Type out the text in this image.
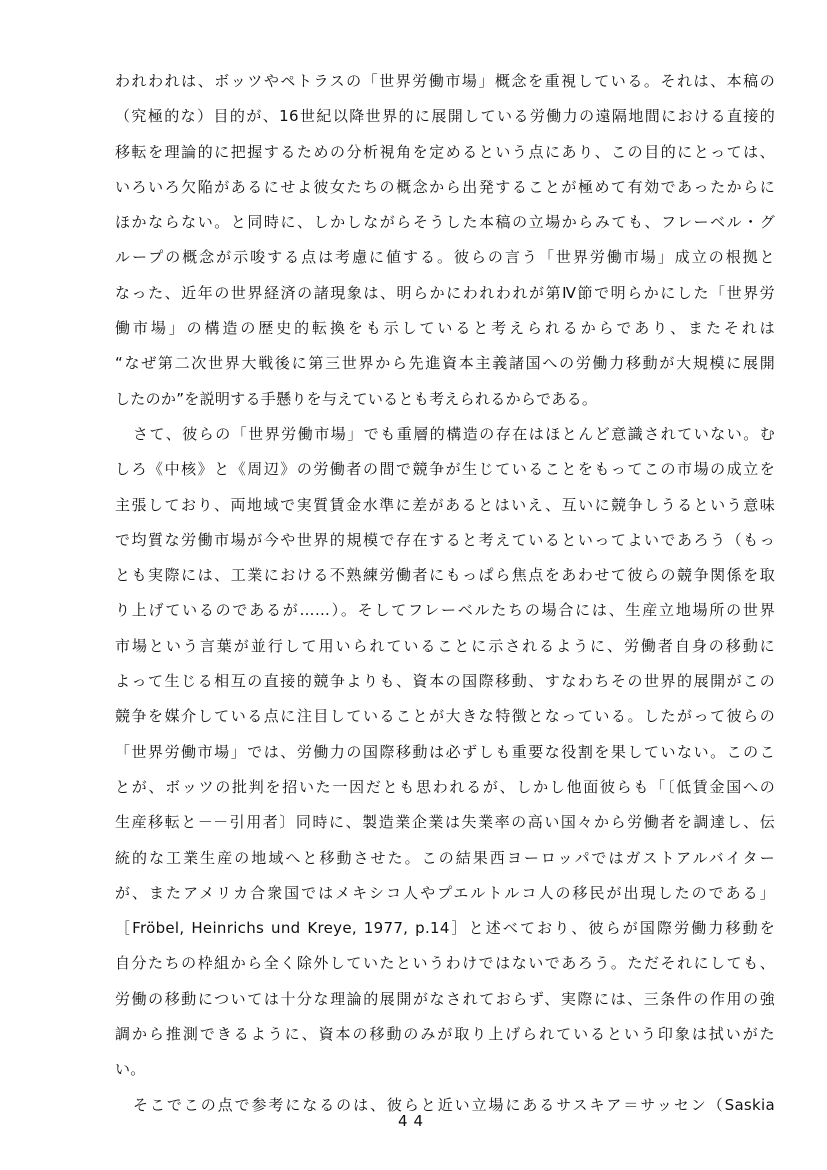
われわれは、ボッツやペトラスの「世界労働市場」概念を重視している。それは、本稿の
（究極的な）目的が、16世紀以降世界的に展開している労働力の遠隔地間における直接的
移転を理論的に把握するための分析視角を定めるという点にあり、この目的にとっては、
いろいろ欠陥があるにせよ彼女たちの概念から出発することが極めて有効であったからに
ほかならない。と同時に、しかしながらそうした本稿の立場からみても、フレーベル・グ
ループの概念が示唆する点は考慮に値する。彼らの言う「世界労働市場」成立の根拠と
なった、近年の世界経済の諸現象は、明らかにわれわれが第Ⅳ節で明らかにした「世界労
働市場」の構造の歴史的転換をも示していると考えられるからであり、またそれは
“なぜ第二次世界大戦後に第三世界から先進資本主義諸国への労働力移動が大規模に展開
したのか”を説明する手懸りを与えているとも考えられるからである。
さて、彼らの「世界労働市場」でも重層的構造の存在はほとんど意識されていない。む
しろ《中核》と《周辺》の労働者の間で競争が生じていることをもってこの市場の成立を
主張しており、両地域で実質賃金水準に差があるとはいえ、互いに競争しうるという意味
で均質な労働市場が今や世界的規模で存在すると考えているといってよいであろう（もっ
とも実際には、工業における不熟練労働者にもっぱら焦点をあわせて彼らの競争関係を取
り上げているのであるが……）。そしてフレーベルたちの場合には、生産立地場所の世界
市場という言葉が並行して用いられていることに示されるように、労働者自身の移動に
よって生じる相互の直接的競争よりも、資本の国際移動、すなわちその世界的展開がこの
競争を媒介している点に注目していることが大きな特徴となっている。したがって彼らの
「世界労働市場」では、労働力の国際移動は必ずしも重要な役割を果していない。このこ
とが、ボッツの批判を招いた一因だとも思われるが、しかし他面彼らも「〔低賃金国への
生産移転と－－引用者〕同時に、製造業企業は失業率の高い国々から労働者を調達し、伝
統的な工業生産の地域へと移動させた。この結果西ヨーロッパではガストアルバイター
が、またアメリカ合衆国ではメキシコ人やプエルトルコ人の移民が出現したのである」
［Fröbel, Heinrichs und Kreye, 1977, p.14］と述べており、彼らが国際労働力移動を
自分たちの枠組から全く除外していたというわけではないであろう。ただそれにしても、
労働の移動については十分な理論的展開がなされておらず、実際には、三条件の作用の強
調から推測できるように、資本の移動のみが取り上げられているという印象は拭いがた
い。
そこでこの点で参考になるのは、彼らと近い立場にあるサスキア＝サッセン（Saskia
44
